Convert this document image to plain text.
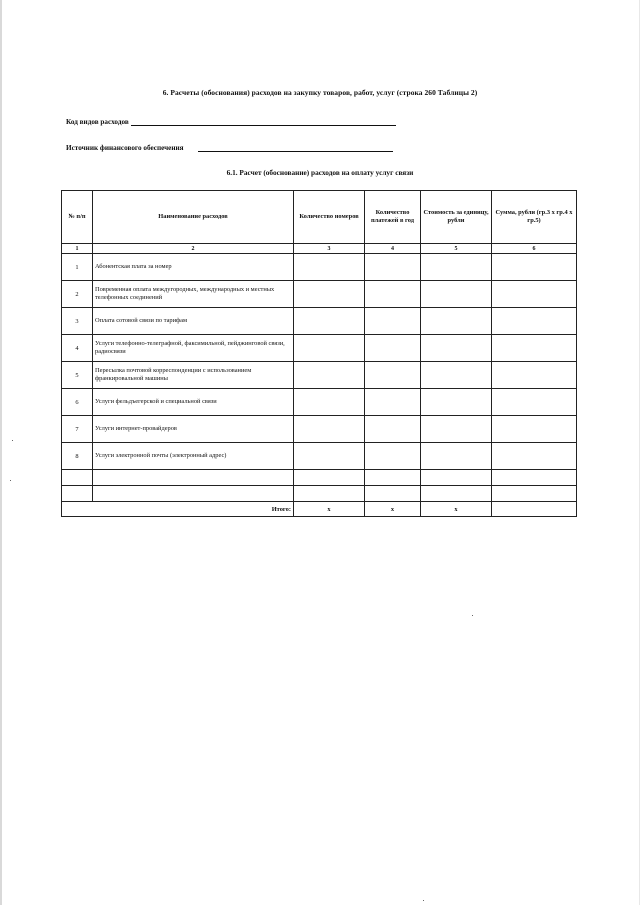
6. Расчеты (обоснования) расходов на закупку товаров, работ, услуг (строка 260 Таблицы 2)
Код видов расходов
Источник финансового обеспечения
6.1. Расчет (обоснование) расходов на оплату услуг связи
№ п/п	Наименование расходов	Количество номеров	Количество платежей в год	Стоимость за единицу, рубли	Сумма, рубли (гр.3 х гр.4 х гр.5)
1	2	3	4	5	6
1	Абонентская плата за номер				
2	Повременная оплата междугородных, международных и местных телефонных соединений				
3	Оплата сотовой связи по тарифам				
4	Услуги телефонно-телеграфной, факсимильной, пейджинговой связи, радиосвязи				
5	Пересылка почтовой корреспонденции с использованием франкировальной машины				
6	Услуги фельдъегерской и специальной связи				
7	Услуги интернет-провайдеров				
8	Услуги электронной почты (электронный адрес)				

Итого:		х	х	х	
